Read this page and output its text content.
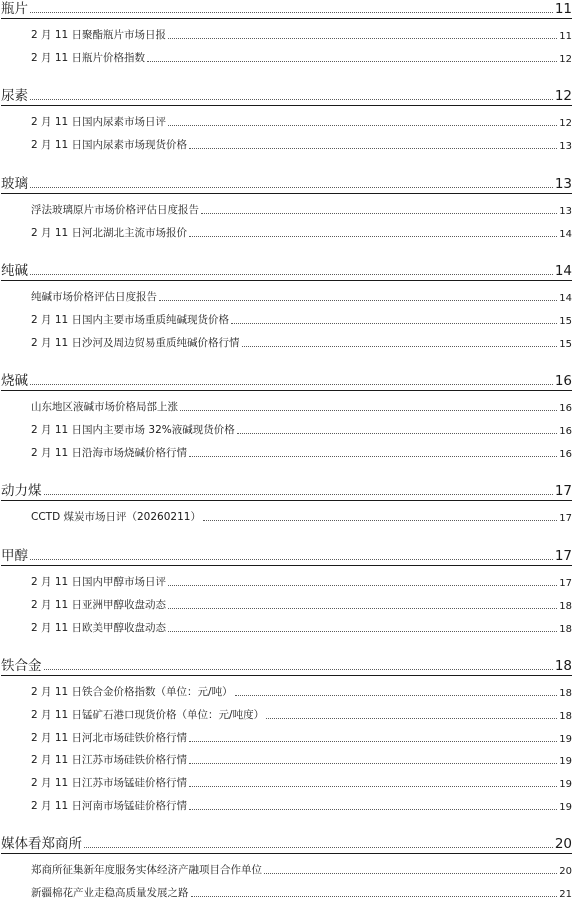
瓶片	11
2 月 11 日聚酯瓶片市场日报	11
2 月 11 日瓶片价格指数	12
尿素	12
2 月 11 日国内尿素市场日评	12
2 月 11 日国内尿素市场现货价格	13
玻璃	13
浮法玻璃原片市场价格评估日度报告	13
2 月 11 日河北湖北主流市场报价	14
纯碱	14
纯碱市场价格评估日度报告	14
2 月 11 日国内主要市场重质纯碱现货价格	15
2 月 11 日沙河及周边贸易重质纯碱价格行情	15
烧碱	16
山东地区液碱市场价格局部上涨	16
2 月 11 日国内主要市场 32%液碱现货价格	16
2 月 11 日沿海市场烧碱价格行情	16
动力煤	17
CCTD 煤炭市场日评（20260211）	17
甲醇	17
2 月 11 日国内甲醇市场日评	17
2 月 11 日亚洲甲醇收盘动态	18
2 月 11 日欧美甲醇收盘动态	18
铁合金	18
2 月 11 日铁合金价格指数（单位：元/吨）	18
2 月 11 日锰矿石港口现货价格（单位：元/吨度）	18
2 月 11 日河北市场硅铁价格行情	19
2 月 11 日江苏市场硅铁价格行情	19
2 月 11 日江苏市场锰硅价格行情	19
2 月 11 日河南市场锰硅价格行情	19
媒体看郑商所	20
郑商所征集新年度服务实体经济产融项目合作单位	20
新疆棉花产业走稳高质量发展之路	21
